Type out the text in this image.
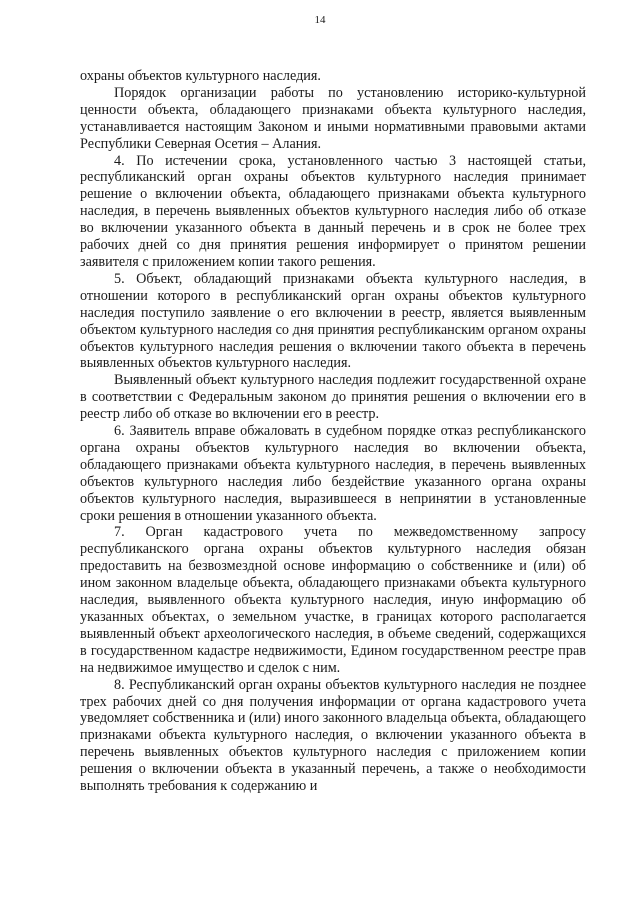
14

охраны объектов культурного наследия.

Порядок организации работы по установлению историко-культурной ценности объекта, обладающего признаками объекта культурного наследия, устанавливается настоящим Законом и иными нормативными правовыми актами Республики Северная Осетия – Алания.

4. По истечении срока, установленного частью 3 настоящей статьи, республиканский орган охраны объектов культурного наследия принимает решение о включении объекта, обладающего признаками объекта культурного наследия, в перечень выявленных объектов культурного наследия либо об отказе во включении указанного объекта в данный перечень и в срок не более трех рабочих дней со дня принятия решения информирует о принятом решении заявителя с приложением копии такого решения.

5. Объект, обладающий признаками объекта культурного наследия, в отношении которого в республиканский орган охраны объектов культурного наследия поступило заявление о его включении в реестр, является выявленным объектом культурного наследия со дня принятия республиканским органом охраны объектов культурного наследия решения о включении такого объекта в перечень выявленных объектов культурного наследия.

Выявленный объект культурного наследия подлежит государственной охране в соответствии с Федеральным законом до принятия решения о включении его в реестр либо об отказе во включении его в реестр.

6. Заявитель вправе обжаловать в судебном порядке отказ республиканского органа охраны объектов культурного наследия во включении объекта, обладающего признаками объекта культурного наследия, в перечень выявленных объектов культурного наследия либо бездействие указанного органа охраны объектов культурного наследия, выразившееся в непринятии в установленные сроки решения в отношении указанного объекта.

7. Орган кадастрового учета по межведомственному запросу республиканского органа охраны объектов культурного наследия обязан предоставить на безвозмездной основе информацию о собственнике и (или) об ином законном владельце объекта, обладающего признаками объекта культурного наследия, выявленного объекта культурного наследия, иную информацию об указанных объектах, о земельном участке, в границах которого располагается выявленный объект археологического наследия, в объеме сведений, содержащихся в государственном кадастре недвижимости, Едином государственном реестре прав на недвижимое имущество и сделок с ним.

8. Республиканский орган охраны объектов культурного наследия не позднее трех рабочих дней со дня получения информации от органа кадастрового учета уведомляет собственника и (или) иного законного владельца объекта, обладающего признаками объекта культурного наследия, о включении указанного объекта в перечень выявленных объектов культурного наследия с приложением копии решения о включении объекта в указанный перечень, а также о необходимости выполнять требования к содержанию и
